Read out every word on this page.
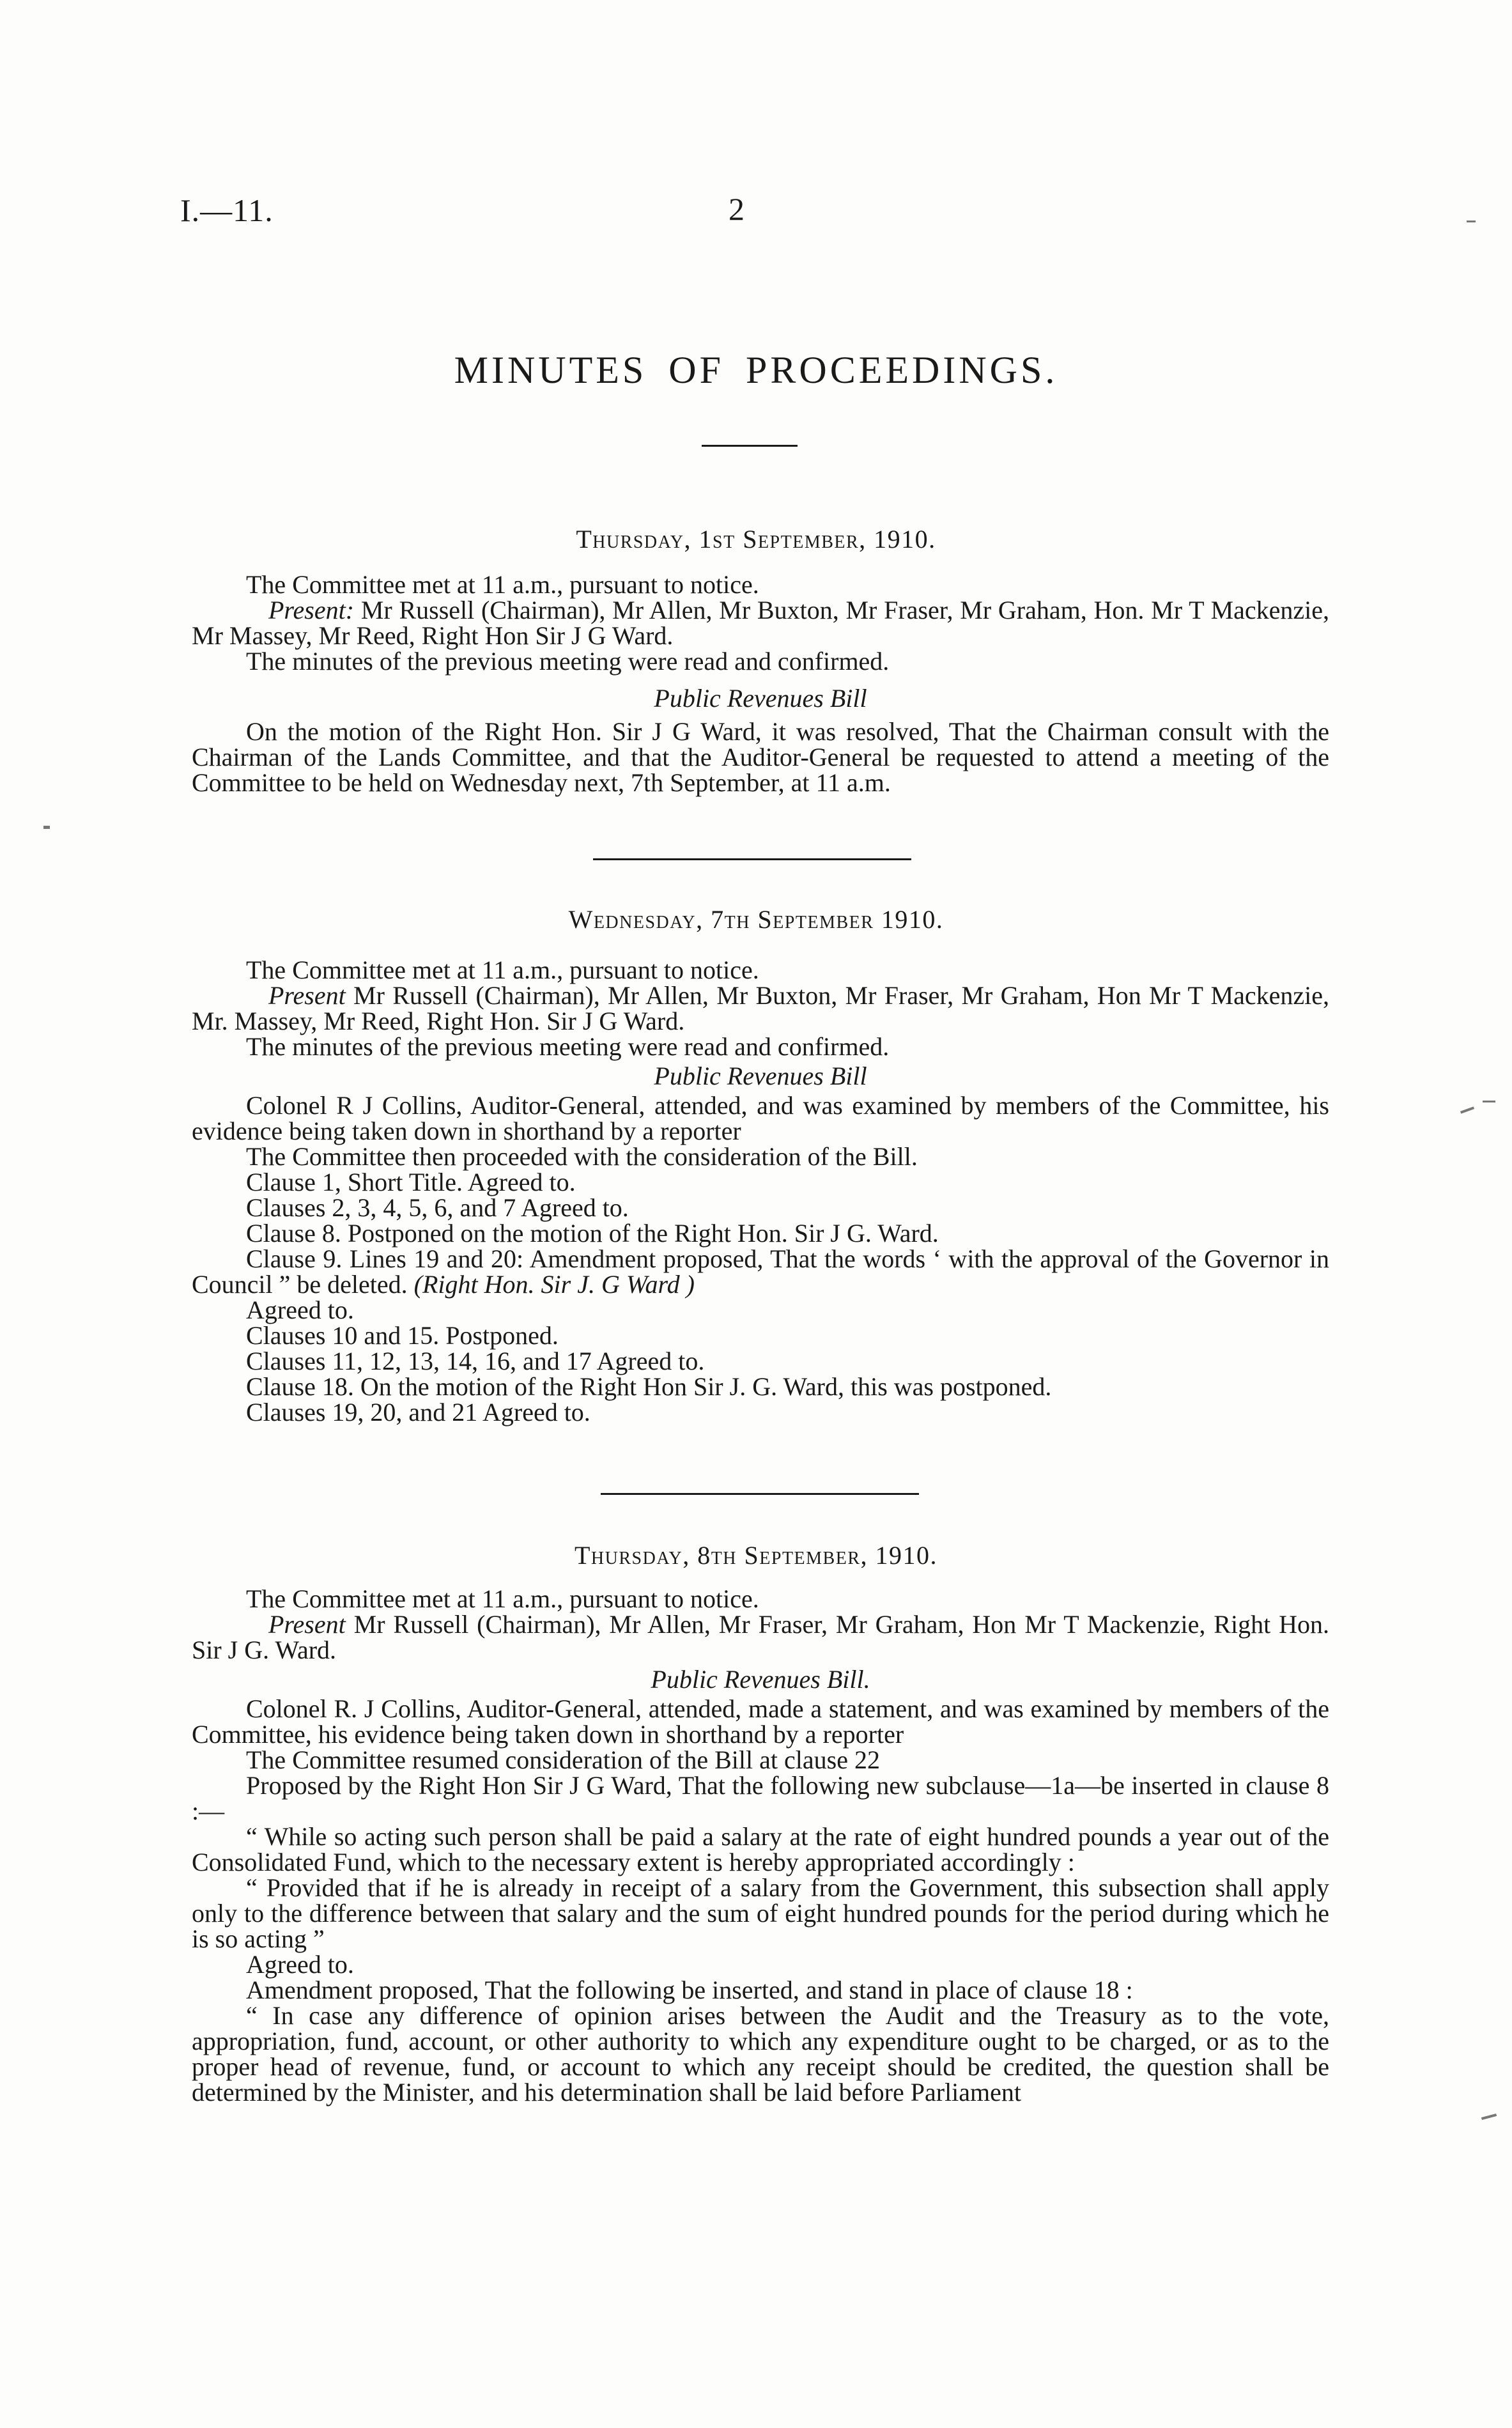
I.—11.	2
MINUTES OF PROCEEDINGS.
Thursday, 1st September, 1910.

The Committee met at 11 a.m., pursuant to notice.

Present: Mr Russell (Chairman), Mr Allen, Mr Buxton, Mr Fraser, Mr Graham, Hon. Mr T Mackenzie, Mr Massey, Mr Reed, Right Hon Sir J G Ward.

The minutes of the previous meeting were read and confirmed.

Public Revenues Bill

On the motion of the Right Hon. Sir J G Ward, it was resolved, That the Chairman consult with the Chairman of the Lands Committee, and that the Auditor-General be requested to attend a meeting of the Committee to be held on Wednesday next, 7th September, at 11 a.m.

Wednesday, 7th September 1910.

The Committee met at 11 a.m., pursuant to notice.

Present Mr Russell (Chairman), Mr Allen, Mr Buxton, Mr Fraser, Mr Graham, Hon Mr T Mackenzie, Mr. Massey, Mr Reed, Right Hon. Sir J G Ward.

The minutes of the previous meeting were read and confirmed.

Public Revenues Bill

Colonel R J Collins, Auditor-General, attended, and was examined by members of the Committee, his evidence being taken down in shorthand by a reporter

The Committee then proceeded with the consideration of the Bill.

Clause 1, Short Title. Agreed to.

Clauses 2, 3, 4, 5, 6, and 7 Agreed to.

Clause 8. Postponed on the motion of the Right Hon. Sir J G. Ward.

Clause 9. Lines 19 and 20: Amendment proposed, That the words ‘ with the approval of the Governor in Council ” be deleted. (Right Hon. Sir J. G Ward )

Agreed to.

Clauses 10 and 15. Postponed.

Clauses 11, 12, 13, 14, 16, and 17 Agreed to.

Clause 18. On the motion of the Right Hon Sir J. G. Ward, this was postponed.

Clauses 19, 20, and 21 Agreed to.

Thursday, 8th September, 1910.

The Committee met at 11 a.m., pursuant to notice.

Present Mr Russell (Chairman), Mr Allen, Mr Fraser, Mr Graham, Hon Mr T Mackenzie, Right Hon. Sir J G. Ward.

Public Revenues Bill.

Colonel R. J Collins, Auditor-General, attended, made a statement, and was examined by members of the Committee, his evidence being taken down in shorthand by a reporter

The Committee resumed consideration of the Bill at clause 22

Proposed by the Right Hon Sir J G Ward, That the following new subclause—1a—be inserted in clause 8 :—

“ While so acting such person shall be paid a salary at the rate of eight hundred pounds a year out of the Consolidated Fund, which to the necessary extent is hereby appropriated accordingly :

“ Provided that if he is already in receipt of a salary from the Government, this subsection shall apply only to the difference between that salary and the sum of eight hundred pounds for the period during which he is so acting ”

Agreed to.

Amendment proposed, That the following be inserted, and stand in place of clause 18 :

“ In case any difference of opinion arises between the Audit and the Treasury as to the vote, appropriation, fund, account, or other authority to which any expenditure ought to be charged, or as to the proper head of revenue, fund, or account to which any receipt should be credited, the question shall be determined by the Minister, and his determination shall be laid before Parliament
